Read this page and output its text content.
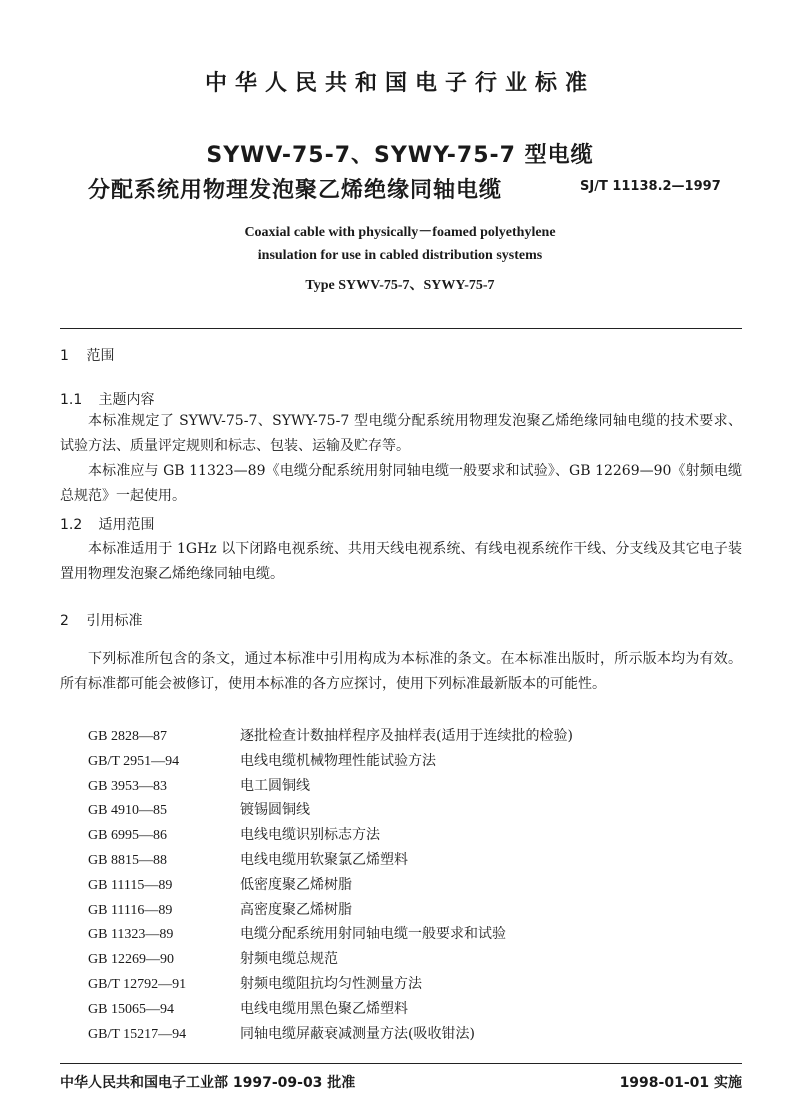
中华人民共和国电子行业标准
SYWV-75-7、SYWY-75-7 型电缆
分配系统用物理发泡聚乙烯绝缘同轴电缆	SJ/T 11138.2—1997
Coaxial cable with physically－foamed polyethylene
insulation for use in cabled distribution systems
Type SYWV-75-7、SYWY-75-7
1 范围
1.1 主题内容
本标准规定了 SYWV-75-7、SYWY-75-7 型电缆分配系统用物理发泡聚乙烯绝缘同轴电缆的技术要求、试验方法、质量评定规则和标志、包装、运输及贮存等。
本标准应与 GB 11323—89《电缆分配系统用射同轴电缆一般要求和试验》、GB 12269—90《射频电缆总规范》一起使用。
1.2 适用范围
本标准适用于 1GHz 以下闭路电视系统、共用天线电视系统、有线电视系统作干线、分支线及其它电子装置用物理发泡聚乙烯绝缘同轴电缆。
2 引用标准
下列标准所包含的条文，通过本标准中引用构成为本标准的条文。在本标准出版时，所示版本均为有效。所有标准都可能会被修订，使用本标准的各方应探讨，使用下列标准最新版本的可能性。
GB 2828—87	逐批检查计数抽样程序及抽样表(适用于连续批的检验)
GB/T 2951—94	电线电缆机械物理性能试验方法
GB 3953—83	电工圆铜线
GB 4910—85	镀锡圆铜线
GB 6995—86	电线电缆识别标志方法
GB 8815—88	电线电缆用软聚氯乙烯塑料
GB 11115—89	低密度聚乙烯树脂
GB 11116—89	高密度聚乙烯树脂
GB 11323—89	电缆分配系统用射同轴电缆一般要求和试验
GB 12269—90	射频电缆总规范
GB/T 12792—91	射频电缆阻抗均匀性测量方法
GB 15065—94	电线电缆用黑色聚乙烯塑料
GB/T 15217—94	同轴电缆屏蔽衰减测量方法(吸收钳法)
中华人民共和国电子工业部 1997-09-03 批准	1998-01-01 实施
